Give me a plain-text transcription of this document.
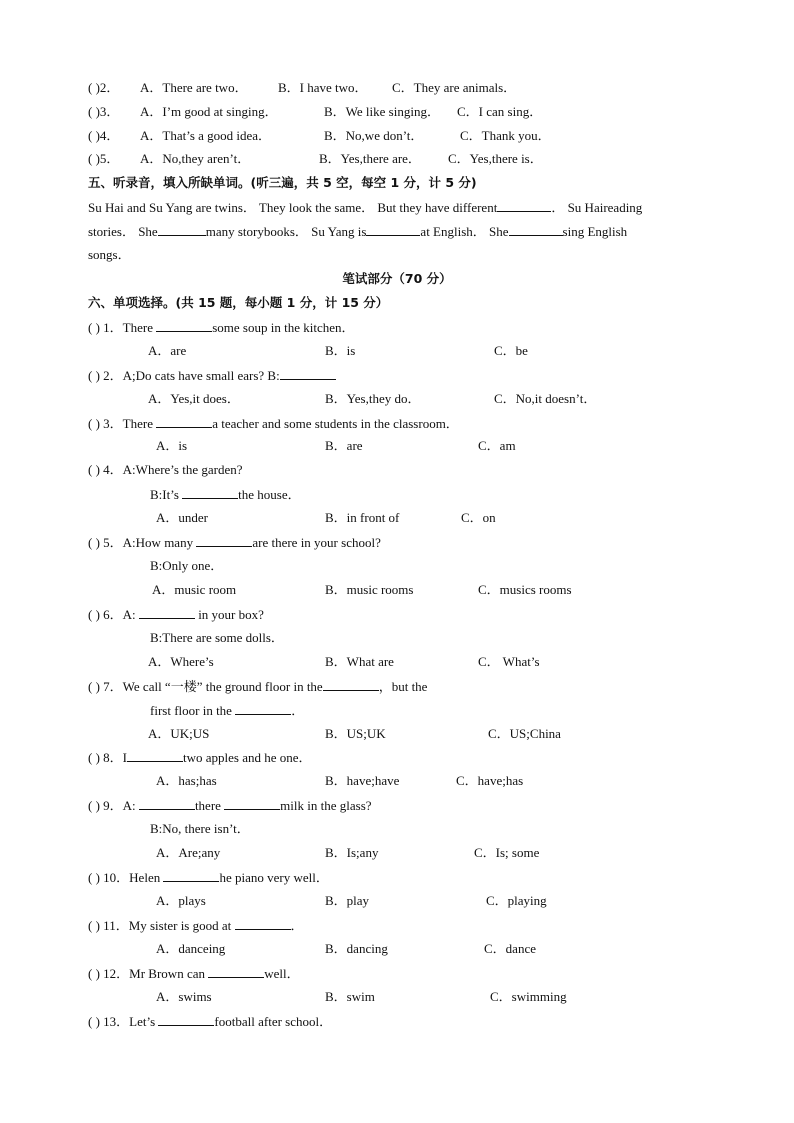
( )2． A．There are two． B．I have two． C．They are animals．
( )3． A．I’m good at singing．	B．We like singing． C．I can sing．
( )4． A．That’s a good idea．	B．No,we don’t．	C．Thank you．
( )5． A．No,they aren’t．	B．Yes,there are． C．Yes,there is．
五、听录音，填入所缺单词。(听三遍，共 5 空，每空 1 分，计 5 分)
Su Hai and Su Yang are twins． They look the same． But they have different	． Su Haireading
stories． She	many storybooks． Su Yang is	at English． She	sing English
songs．
笔试部分（70 分）
六、单项选择。(共 15 题，每小题 1 分，计 15 分）
( ) 1．There	some soup in the kitchen．
A．are	B．is	C．be
( ) 2．A;Do cats have small ears? B:
A．Yes,it does．	B．Yes,they do．	C．No,it doesn’t．
( ) 3．There	a teacher and some students in the classroom．
A．is	B．are	C．am
( ) 4．A:Where’s the garden?
B:It’s	the house．
A．under	B．in front of	C．on
( ) 5．A:How many	are there in your school?
B:Only one．
A．music room	B．music rooms	C．musics rooms
( ) 6．A:	in your box?
B:There are some dolls．
A．Where’s	B．What are	C． What’s
( ) 7．We call “一楼” the ground floor in the	，but the
first floor in the	．
A．UK;US	B．US;UK	C．US;China
( ) 8．I	two apples and he one．
A．has;has	B．have;have	C．have;has
( ) 9．A:	there	milk in the glass?
B:No, there isn’t．
A．Are;any	B．Is;any	C．Is; some
( ) 10．Helen	he piano very well．
A．plays	B．play	C．playing
( ) 11．My sister is good at	．
A．danceing	B．dancing	C．dance
( ) 12．Mr Brown can	well．
A．swims	B．swim	C．swimming
( ) 13．Let’s	football after school．
